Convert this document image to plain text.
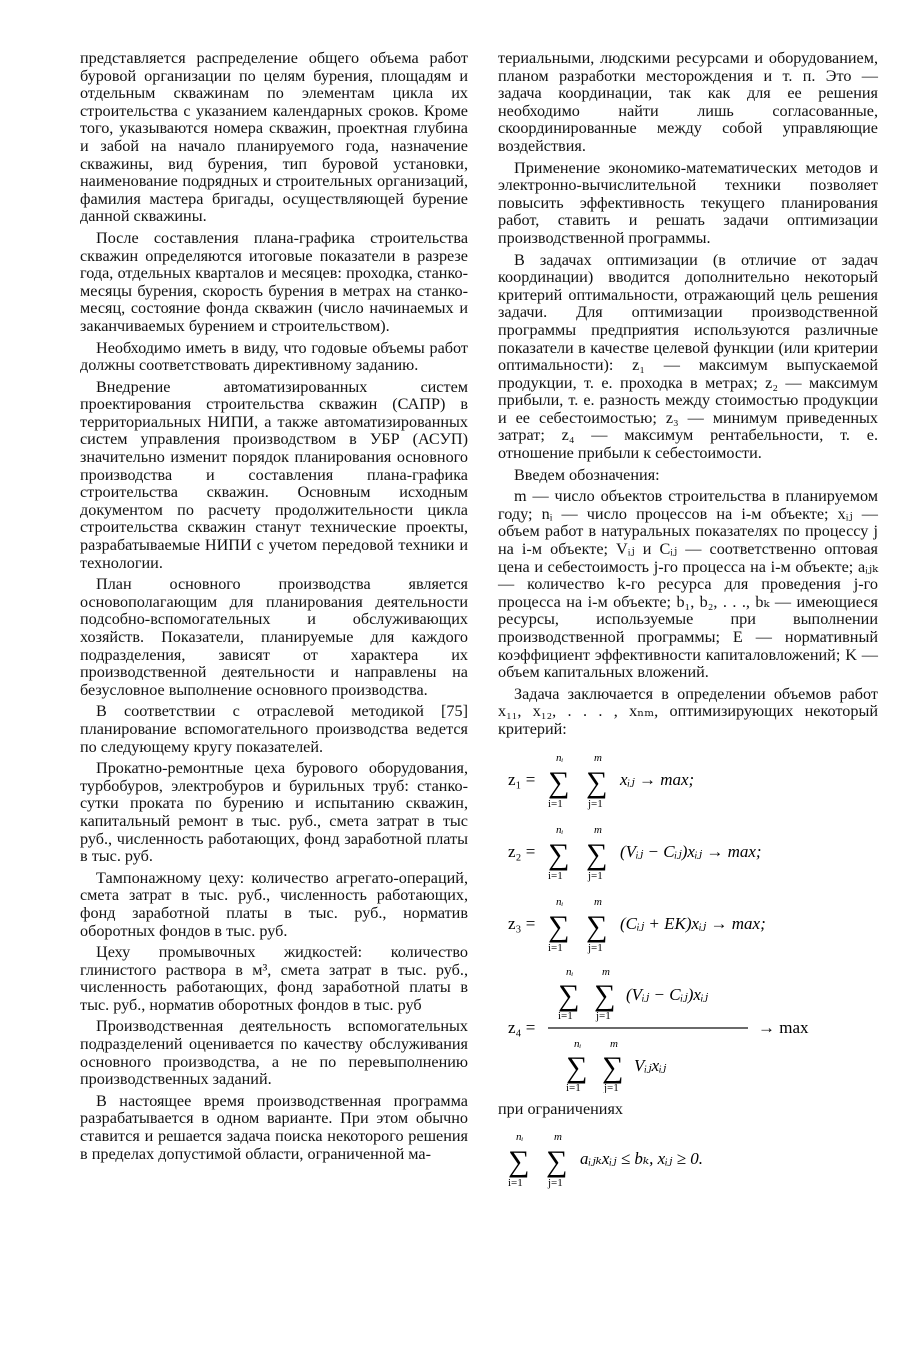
представляется распределение общего объема работ буровой организации по целям бурения, площадям и отдельным скважинам по элементам цикла их строительства с указанием календарных сроков. Кроме того, указываются номера скважин, проектная глубина и забой на начало планируемого года, назначение скважины, вид бурения, тип буровой установки, наименование подрядных и строительных организаций, фамилия мастера бригады, осуществляющей бурение данной скважины.

После составления плана-графика строительства скважин определяются итоговые показатели в разрезе года, отдельных кварталов и месяцев: проходка, станко-месяцы бурения, скорость бурения в метрах на станко-месяц, состояние фонда скважин (число начинаемых и заканчиваемых бурением и строительством).

Необходимо иметь в виду, что годовые объемы работ должны соответствовать директивному заданию.

Внедрение автоматизированных систем проектирования строительства скважин (САПР) в территориальных НИПИ, а также автоматизированных систем управления производством в УБР (АСУП) значительно изменит порядок планирования основного производства и составления плана-графика строительства скважин. Основным исходным документом по расчету продолжительности цикла строительства скважин станут технические проекты, разрабатываемые НИПИ с учетом передовой техники и технологии.

План основного производства является основополагающим для планирования деятельности подсобно-вспомогательных и обслуживающих хозяйств. Показатели, планируемые для каждого подразделения, зависят от характера их производственной деятельности и направлены на безусловное выполнение основного производства.

В соответствии с отраслевой методикой [75] планирование вспомогательного производства ведется по следующему кругу показателей.

Прокатно-ремонтные цеха бурового оборудования, турбобуров, электробуров и бурильных труб: станко-сутки проката по бурению и испытанию скважин, капитальный ремонт в тыс. руб., смета затрат в тыс руб., численность работающих, фонд заработной платы в тыс. руб.

Тампонажному цеху: количество агрегато-операций, смета затрат в тыс. руб., численность работающих, фонд заработной платы в тыс. руб., норматив оборотных фондов в тыс. руб.

Цеху промывочных жидкостей: количество глинистого раствора в м³, смета затрат в тыс. руб., численность работающих, фонд заработной платы в тыс. руб., норматив оборотных фондов в тыс. руб

Производственная деятельность вспомогательных подразделений оценивается по качеству обслуживания основного производства, а не по перевыполнению производственных заданий.

В настоящее время производственная программа разрабатывается в одном варианте. При этом обычно ставится и решается задача поиска некоторого решения в пределах допустимой области, ограниченной ма-

териальными, людскими ресурсами и оборудованием, планом разработки месторождения и т. п. Это — задача координации, так как для ее решения необходимо найти лишь согласованные, скоординированные между собой управляющие воздействия.

Применение экономико-математических методов и электронно-вычислительной техники позволяет повысить эффективность текущего планирования работ, ставить и решать задачи оптимизации производственной программы.

В задачах оптимизации (в отличие от задач координации) вводится дополнительно некоторый критерий оптимальности, отражающий цель решения задачи. Для оптимизации производственной программы предприятия используются различные показатели в качестве целевой функции (или критерии оптимальности): z₁ — максимум выпускаемой продукции, т. е. проходка в метрах; z₂ — максимум прибыли, т. е. разность между стоимостью продукции и ее себестоимостью; z₃ — минимум приведенных затрат; z₄ — максимум рентабельности, т. е. отношение прибыли к себестоимости.

Введем обозначения:

m — число объектов строительства в планируемом году; nᵢ — число процессов на i-м объекте; xᵢⱼ — объем работ в натуральных показателях по процессу j на i-м объекте; Vᵢⱼ и Cᵢⱼ — соответственно оптовая цена и себестоимость j-го процесса на i-м объекте; aᵢⱼₖ — количество k-го ресурса для проведения j-го процесса на i-м объекте; b₁, b₂, . . ., bₖ — имеющиеся ресурсы, используемые при выполнении производственной программы; E — нормативный коэффициент эффективности капиталовложений; K — объем капитальных вложений.

Задача заключается в определении объемов работ x₁₁, x₁₂, . . . , xₙₘ, оптимизирующих некоторый критерий:

z₁ =
nᵢ
∑
i=1
m
∑
j=1
xᵢⱼ → max;
z₂ =
nᵢ
∑
i=1
m
∑
j=1
(Vᵢⱼ − Cᵢⱼ)xᵢⱼ → max;
z₃ =
nᵢ
∑
i=1
m
∑
j=1
(Cᵢⱼ + EK)xᵢⱼ → max;
z₄ =
nᵢ
∑
i=1
m
∑
j=1
(Vᵢⱼ − Cᵢⱼ)xᵢⱼ
→ max
nᵢ
∑
i=1
m
∑
j=1
Vᵢⱼxᵢⱼ

при ограничениях

nᵢ
∑
i=1
m
∑
j=1
aᵢⱼₖxᵢⱼ ≤ bₖ, xᵢⱼ ≥ 0.
